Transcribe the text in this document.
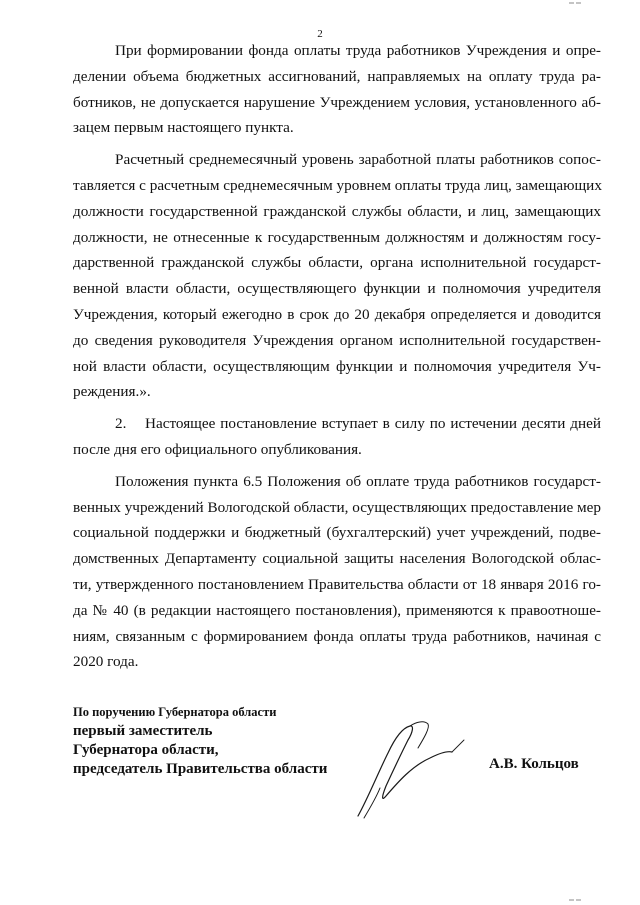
2
При формировании фонда оплаты труда работников Учреждения и опре-
делении объема бюджетных ассигнований, направляемых на оплату труда ра-
ботников, не допускается нарушение Учреждением условия, установленного аб-
зацем первым настоящего пункта.
Расчетный среднемесячный уровень заработной платы работников сопос-
тавляется с расчетным среднемесячным уровнем оплаты труда лиц, замещающих
должности государственной гражданской службы области, и лиц, замещающих
должности, не отнесенные к государственным должностям и должностям госу-
дарственной гражданской службы области, органа исполнительной государст-
венной власти области, осуществляющего функции и полномочия учредителя
Учреждения, который ежегодно в срок до 20 декабря определяется и доводится
до сведения руководителя Учреждения органом исполнительной государствен-
ной власти области, осуществляющим функции и полномочия учредителя Уч-
реждения.».
2. Настоящее постановление вступает в силу по истечении десяти дней
после дня его официального опубликования.
Положения пункта 6.5 Положения об оплате труда работников государст-
венных учреждений Вологодской области, осуществляющих предоставление мер
социальной поддержки и бюджетный (бухгалтерский) учет учреждений, подве-
домственных Департаменту социальной защиты населения Вологодской облас-
ти, утвержденного постановлением Правительства области от 18 января 2016 го-
да № 40 (в редакции настоящего постановления), применяются к правоотноше-
ниям, связанным с формированием фонда оплаты труда работников, начиная с
2020 года.
По поручению Губернатора области
первый заместитель
Губернатора области,
председатель Правительства области	А.В. Кольцов
